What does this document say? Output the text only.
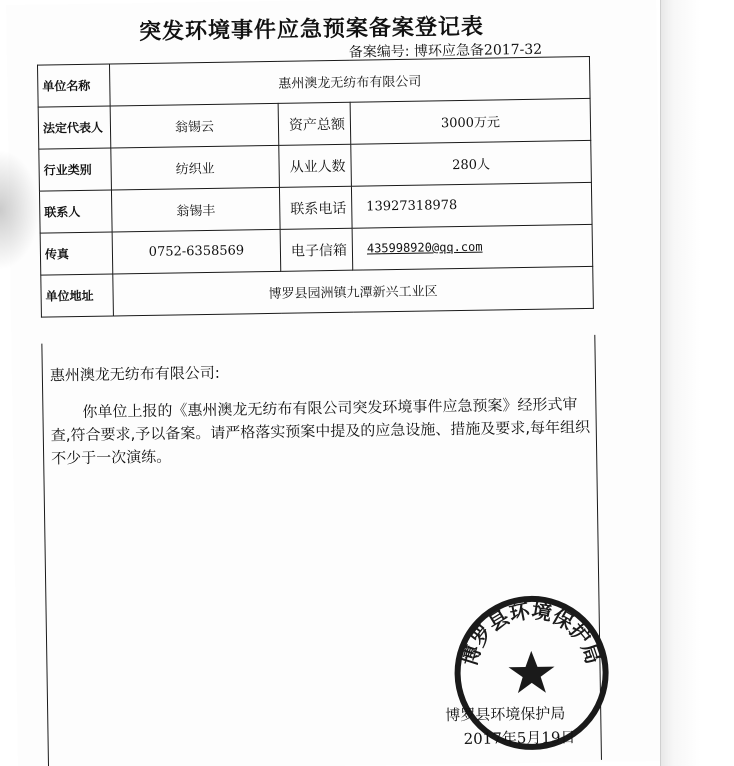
突发环境事件应急预案备案登记表
备案编号: 博环应急备2017-32
单位名称	惠州澳龙无纺布有限公司		
法定代表人	翁锡云	资产总额	3000万元
行业类别	纺织业	从业人数	280人
联系人	翁锡丰	联系电话	13927318978
传真	0752-6358569	电子信箱	435998920@qq.com
单位地址	博罗县园洲镇九潭新兴工业区		
惠州澳龙无纺布有限公司:
你单位上报的《惠州澳龙无纺布有限公司突发环境事件应急预案》经形式审查,符合要求,予以备案。请严格落实预案中提及的应急设施、措施及要求,每年组织不少于一次演练。
博罗县环境保护局
博罗县环境保护局
2017年5月19日
